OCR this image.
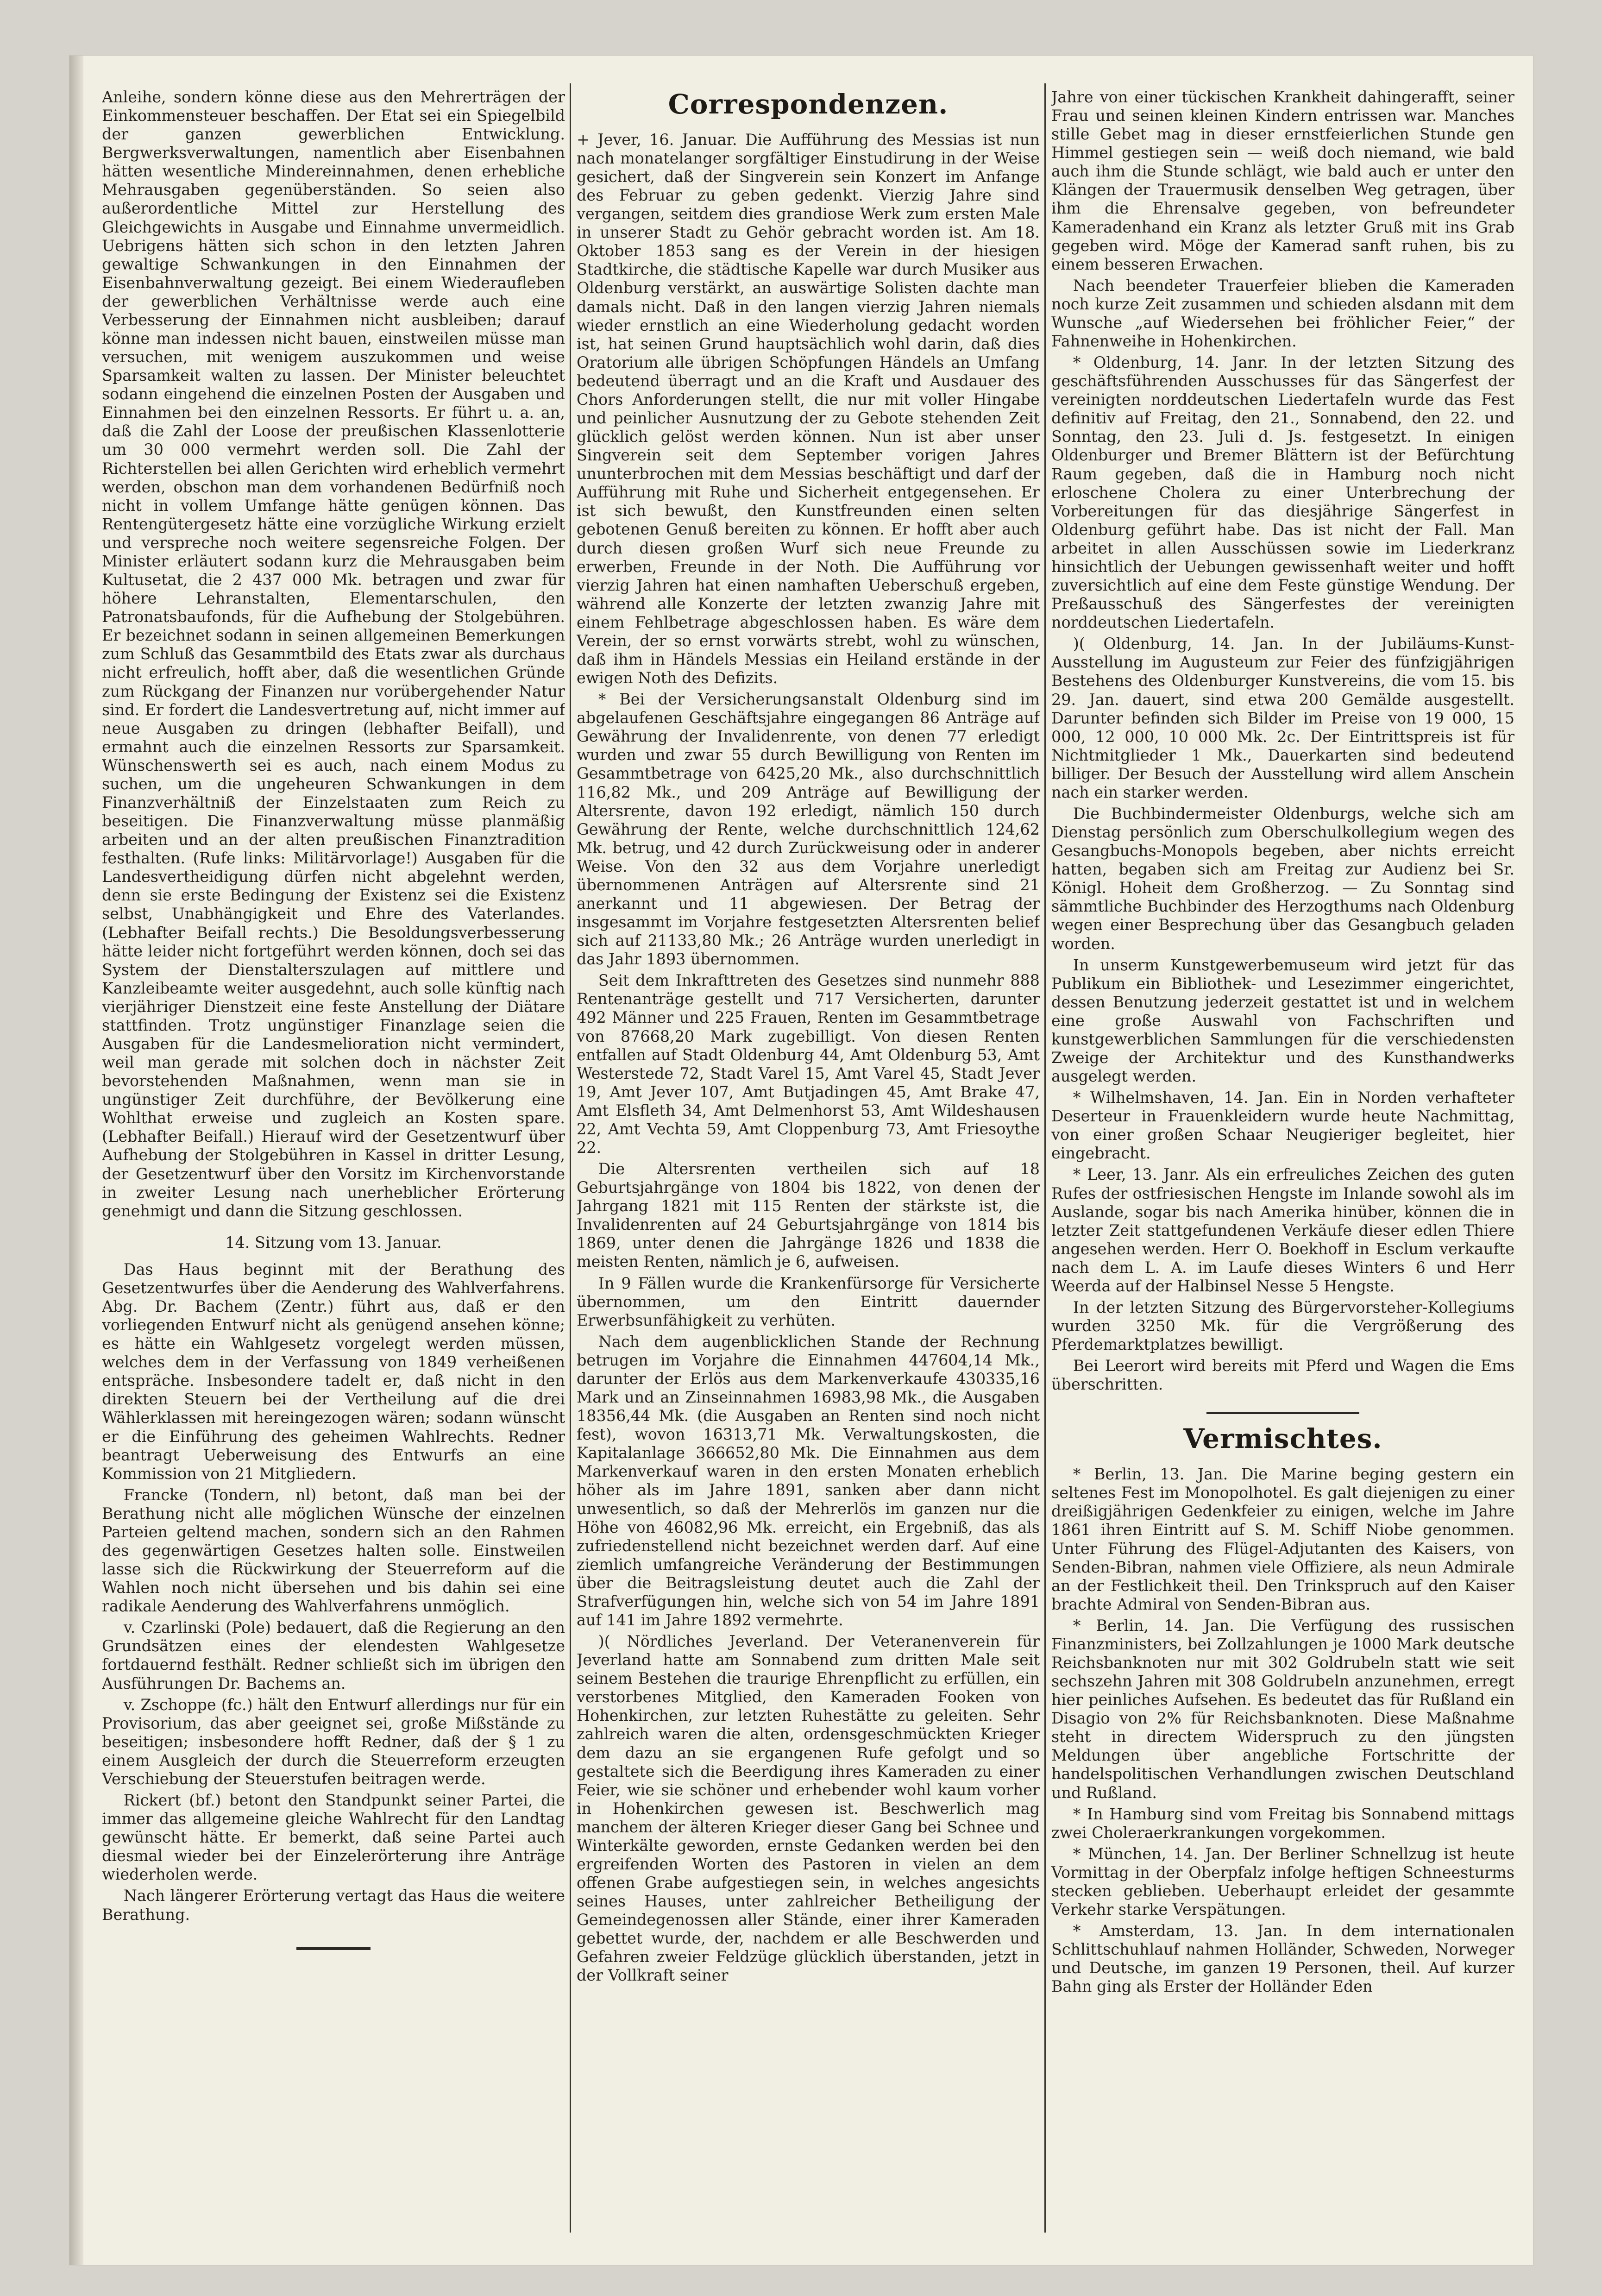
Anleihe, sondern könne diese aus den Mehrerträgen der Einkommensteuer beschaffen. Der Etat sei ein Spiegelbild der ganzen gewerblichen Entwicklung. Bergwerksverwaltungen, namentlich aber Eisenbahnen hätten wesentliche Mindereinnahmen, denen erhebliche Mehrausgaben gegenüberständen. So seien also außerordentliche Mittel zur Herstellung des Gleichgewichts in Ausgabe und Einnahme unvermeidlich. Uebrigens hätten sich schon in den letzten Jahren gewaltige Schwankungen in den Einnahmen der Eisenbahnverwaltung gezeigt. Bei einem Wiederaufleben der gewerblichen Verhältnisse werde auch eine Verbesserung der Einnahmen nicht ausbleiben; darauf könne man indessen nicht bauen, einstweilen müsse man versuchen, mit wenigem auszukommen und weise Sparsamkeit walten zu lassen. Der Minister beleuchtet sodann eingehend die einzelnen Posten der Ausgaben und Einnahmen bei den einzelnen Ressorts. Er führt u. a. an, daß die Zahl der Loose der preußischen Klassenlotterie um 30 000 vermehrt werden soll. Die Zahl der Richterstellen bei allen Gerichten wird erheblich vermehrt werden, obschon man dem vorhandenen Bedürfniß noch nicht in vollem Umfange hätte genügen können. Das Rentengütergesetz hätte eine vorzügliche Wirkung erzielt und verspreche noch weitere segensreiche Folgen. Der Minister erläutert sodann kurz die Mehrausgaben beim Kultusetat, die 2 437 000 Mk. betragen und zwar für höhere Lehranstalten, Elementarschulen, den Patronatsbaufonds, für die Aufhebung der Stolgebühren. Er bezeichnet sodann in seinen allgemeinen Bemerkungen zum Schluß das Gesammtbild des Etats zwar als durchaus nicht erfreulich, hofft aber, daß die wesentlichen Gründe zum Rückgang der Finanzen nur vorübergehender Natur sind. Er fordert die Landesvertretung auf, nicht immer auf neue Ausgaben zu dringen (lebhafter Beifall), und ermahnt auch die einzelnen Ressorts zur Sparsamkeit. Wünschenswerth sei es auch, nach einem Modus zu suchen, um die ungeheuren Schwankungen in dem Finanzverhältniß der Einzelstaaten zum Reich zu beseitigen. Die Finanzverwaltung müsse planmäßig arbeiten und an der alten preußischen Finanztradition festhalten. (Rufe links: Militärvorlage!) Ausgaben für die Landesvertheidigung dürfen nicht abgelehnt werden, denn sie erste Bedingung der Existenz sei die Existenz selbst, Unabhängigkeit und Ehre des Vaterlandes. (Lebhafter Beifall rechts.) Die Besoldungsverbesserung hätte leider nicht fortgeführt werden können, doch sei das System der Dienstalterszulagen auf mittlere und Kanzleibeamte weiter ausgedehnt, auch solle künftig nach vierjähriger Dienstzeit eine feste Anstellung der Diätare stattfinden. Trotz ungünstiger Finanzlage seien die Ausgaben für die Landesmelioration nicht vermindert, weil man gerade mit solchen doch in nächster Zeit bevorstehenden Maßnahmen, wenn man sie in ungünstiger Zeit durchführe, der Bevölkerung eine Wohlthat erweise und zugleich an Kosten spare. (Lebhafter Beifall.) Hierauf wird der Gesetzentwurf über Aufhebung der Stolgebühren in Kassel in dritter Lesung, der Gesetzentwurf über den Vorsitz im Kirchenvorstande in zweiter Lesung nach unerheblicher Erörterung genehmigt und dann die Sitzung geschlossen.

14. Sitzung vom 13. Januar.

Das Haus beginnt mit der Berathung des Gesetzentwurfes über die Aenderung des Wahlverfahrens. Abg. Dr. Bachem (Zentr.) führt aus, daß er den vorliegenden Entwurf nicht als genügend ansehen könne; es hätte ein Wahlgesetz vorgelegt werden müssen, welches dem in der Verfassung von 1849 verheißenen entspräche. Insbesondere tadelt er, daß nicht in den direkten Steuern bei der Vertheilung auf die drei Wählerklassen mit hereingezogen wären; sodann wünscht er die Einführung des geheimen Wahlrechts. Redner beantragt Ueberweisung des Entwurfs an eine Kommission von 21 Mitgliedern.

Francke (Tondern, nl) betont, daß man bei der Berathung nicht alle möglichen Wünsche der einzelnen Parteien geltend machen, sondern sich an den Rahmen des gegenwärtigen Gesetzes halten solle. Einstweilen lasse sich die Rückwirkung der Steuerreform auf die Wahlen noch nicht übersehen und bis dahin sei eine radikale Aenderung des Wahlverfahrens unmöglich.

v. Czarlinski (Pole) bedauert, daß die Regierung an den Grundsätzen eines der elendesten Wahlgesetze fortdauernd festhält. Redner schließt sich im übrigen den Ausführungen Dr. Bachems an.

v. Zschoppe (fc.) hält den Entwurf allerdings nur für ein Provisorium, das aber geeignet sei, große Mißstände zu beseitigen; insbesondere hofft Redner, daß der § 1 zu einem Ausgleich der durch die Steuerreform erzeugten Verschiebung der Steuerstufen beitragen werde.

Rickert (bf.) betont den Standpunkt seiner Partei, die immer das allgemeine gleiche Wahlrecht für den Landtag gewünscht hätte. Er bemerkt, daß seine Partei auch diesmal wieder bei der Einzelerörterung ihre Anträge wiederholen werde.

Nach längerer Erörterung vertagt das Haus die weitere Berathung.

Correspondenzen.

+ Jever, 16. Januar. Die Aufführung des Messias ist nun nach monatelanger sorgfältiger Einstudirung in der Weise gesichert, daß der Singverein sein Konzert im Anfange des Februar zu geben gedenkt. Vierzig Jahre sind vergangen, seitdem dies grandiose Werk zum ersten Male in unserer Stadt zu Gehör gebracht worden ist. Am 18. Oktober 1853 sang es der Verein in der hiesigen Stadtkirche, die städtische Kapelle war durch Musiker aus Oldenburg verstärkt, an auswärtige Solisten dachte man damals nicht. Daß in den langen vierzig Jahren niemals wieder ernstlich an eine Wiederholung gedacht worden ist, hat seinen Grund hauptsächlich wohl darin, daß dies Oratorium alle übrigen Schöpfungen Händels an Umfang bedeutend überragt und an die Kraft und Ausdauer des Chors Anforderungen stellt, die nur mit voller Hingabe und peinlicher Ausnutzung der zu Gebote stehenden Zeit glücklich gelöst werden können. Nun ist aber unser Singverein seit dem September vorigen Jahres ununterbrochen mit dem Messias beschäftigt und darf der Aufführung mit Ruhe und Sicherheit entgegensehen. Er ist sich bewußt, den Kunstfreunden einen selten gebotenen Genuß bereiten zu können. Er hofft aber auch durch diesen großen Wurf sich neue Freunde zu erwerben, Freunde in der Noth. Die Aufführung vor vierzig Jahren hat einen namhaften Ueberschuß ergeben, während alle Konzerte der letzten zwanzig Jahre mit einem Fehlbetrage abgeschlossen haben. Es wäre dem Verein, der so ernst vorwärts strebt, wohl zu wünschen, daß ihm in Händels Messias ein Heiland erstände in der ewigen Noth des Defizits.

* Bei der Versicherungsanstalt Oldenburg sind im abgelaufenen Geschäftsjahre eingegangen 86 Anträge auf Gewährung der Invalidenrente, von denen 77 erledigt wurden und zwar 55 durch Bewilligung von Renten im Gesammtbetrage von 6425,20 Mk., also durchschnittlich 116,82 Mk., und 209 Anträge auf Bewilligung der Altersrente, davon 192 erledigt, nämlich 150 durch Gewährung der Rente, welche durchschnittlich 124,62 Mk. betrug, und 42 durch Zurückweisung oder in anderer Weise. Von den 32 aus dem Vorjahre unerledigt übernommenen Anträgen auf Altersrente sind 21 anerkannt und 11 abgewiesen. Der Betrag der insgesammt im Vorjahre festgesetzten Altersrenten belief sich auf 21133,80 Mk.; 26 Anträge wurden unerledigt in das Jahr 1893 übernommen.

Seit dem Inkrafttreten des Gesetzes sind nunmehr 888 Rentenanträge gestellt und 717 Versicherten, darunter 492 Männer und 225 Frauen, Renten im Gesammtbetrage von 87668,20 Mark zugebilligt. Von diesen Renten entfallen auf Stadt Oldenburg 44, Amt Oldenburg 53, Amt Westerstede 72, Stadt Varel 15, Amt Varel 45, Stadt Jever 19, Amt Jever 107, Amt Butjadingen 45, Amt Brake 47, Amt Elsfleth 34, Amt Delmenhorst 53, Amt Wildeshausen 22, Amt Vechta 59, Amt Cloppenburg 73, Amt Friesoythe 22.

Die Altersrenten vertheilen sich auf 18 Geburtsjahrgänge von 1804 bis 1822, von denen der Jahrgang 1821 mit 115 Renten der stärkste ist, die Invalidenrenten auf 24 Geburtsjahrgänge von 1814 bis 1869, unter denen die Jahrgänge 1826 und 1838 die meisten Renten, nämlich je 6, aufweisen.

In 9 Fällen wurde die Krankenfürsorge für Versicherte übernommen, um den Eintritt dauernder Erwerbsunfähigkeit zu verhüten.

Nach dem augenblicklichen Stande der Rechnung betrugen im Vorjahre die Einnahmen 447604,14 Mk., darunter der Erlös aus dem Markenverkaufe 430335,16 Mark und an Zinseinnahmen 16983,98 Mk., die Ausgaben 18356,44 Mk. (die Ausgaben an Renten sind noch nicht fest), wovon 16313,71 Mk. Verwaltungskosten, die Kapitalanlage 366652,80 Mk. Die Einnahmen aus dem Markenverkauf waren in den ersten Monaten erheblich höher als im Jahre 1891, sanken aber dann nicht unwesentlich, so daß der Mehrerlös im ganzen nur die Höhe von 46082,96 Mk. erreicht, ein Ergebniß, das als zufriedenstellend nicht bezeichnet werden darf. Auf eine ziemlich umfangreiche Veränderung der Bestimmungen über die Beitragsleistung deutet auch die Zahl der Strafverfügungen hin, welche sich von 54 im Jahre 1891 auf 141 im Jahre 1892 vermehrte.

)( Nördliches Jeverland. Der Veteranenverein für Jeverland hatte am Sonnabend zum dritten Male seit seinem Bestehen die traurige Ehrenpflicht zu erfüllen, ein verstorbenes Mitglied, den Kameraden Fooken von Hohenkirchen, zur letzten Ruhestätte zu geleiten. Sehr zahlreich waren die alten, ordensgeschmückten Krieger dem dazu an sie ergangenen Rufe gefolgt und so gestaltete sich die Beerdigung ihres Kameraden zu einer Feier, wie sie schöner und erhebender wohl kaum vorher in Hohenkirchen gewesen ist. Beschwerlich mag manchem der älteren Krieger dieser Gang bei Schnee und Winterkälte geworden, ernste Gedanken werden bei den ergreifenden Worten des Pastoren in vielen an dem offenen Grabe aufgestiegen sein, in welches angesichts seines Hauses, unter zahlreicher Betheiligung der Gemeindegenossen aller Stände, einer ihrer Kameraden gebettet wurde, der, nachdem er alle Beschwerden und Gefahren zweier Feldzüge glücklich überstanden, jetzt in der Vollkraft seiner

Jahre von einer tückischen Krankheit dahingerafft, seiner Frau und seinen kleinen Kindern entrissen war. Manches stille Gebet mag in dieser ernstfeierlichen Stunde gen Himmel gestiegen sein — weiß doch niemand, wie bald auch ihm die Stunde schlägt, wie bald auch er unter den Klängen der Trauermusik denselben Weg getragen, über ihm die Ehrensalve gegeben, von befreundeter Kameradenhand ein Kranz als letzter Gruß mit ins Grab gegeben wird. Möge der Kamerad sanft ruhen, bis zu einem besseren Erwachen.

Nach beendeter Trauerfeier blieben die Kameraden noch kurze Zeit zusammen und schieden alsdann mit dem Wunsche „auf Wiedersehen bei fröhlicher Feier,“ der Fahnenweihe in Hohenkirchen.

* Oldenburg, 14. Janr. In der letzten Sitzung des geschäftsführenden Ausschusses für das Sängerfest der vereinigten norddeutschen Liedertafeln wurde das Fest definitiv auf Freitag, den 21., Sonnabend, den 22. und Sonntag, den 23. Juli d. Js. festgesetzt. In einigen Oldenburger und Bremer Blättern ist der Befürchtung Raum gegeben, daß die in Hamburg noch nicht erloschene Cholera zu einer Unterbrechung der Vorbereitungen für das diesjährige Sängerfest in Oldenburg geführt habe. Das ist nicht der Fall. Man arbeitet in allen Ausschüssen sowie im Liederkranz hinsichtlich der Uebungen gewissenhaft weiter und hofft zuversichtlich auf eine dem Feste günstige Wendung. Der Preßausschuß des Sängerfestes der vereinigten norddeutschen Liedertafeln.

)( Oldenburg, 14. Jan. In der Jubiläums-Kunst-Ausstellung im Augusteum zur Feier des fünfzigjährigen Bestehens des Oldenburger Kunstvereins, die vom 15. bis 29. Jan. dauert, sind etwa 200 Gemälde ausgestellt. Darunter befinden sich Bilder im Preise von 19 000, 15 000, 12 000, 10 000 Mk. 2c. Der Eintrittspreis ist für Nichtmitglieder 1 Mk., Dauerkarten sind bedeutend billiger. Der Besuch der Ausstellung wird allem Anschein nach ein starker werden.

Die Buchbindermeister Oldenburgs, welche sich am Dienstag persönlich zum Oberschulkollegium wegen des Gesangbuchs-Monopols begeben, aber nichts erreicht hatten, begaben sich am Freitag zur Audienz bei Sr. Königl. Hoheit dem Großherzog. — Zu Sonntag sind sämmtliche Buchbinder des Herzogthums nach Oldenburg wegen einer Besprechung über das Gesangbuch geladen worden.

In unserm Kunstgewerbemuseum wird jetzt für das Publikum ein Bibliothek- und Lesezimmer eingerichtet, dessen Benutzung jederzeit gestattet ist und in welchem eine große Auswahl von Fachschriften und kunstgewerblichen Sammlungen für die verschiedensten Zweige der Architektur und des Kunsthandwerks ausgelegt werden.

* Wilhelmshaven, 14. Jan. Ein in Norden verhafteter Deserteur in Frauenkleidern wurde heute Nachmittag, von einer großen Schaar Neugieriger begleitet, hier eingebracht.

* Leer, 13. Janr. Als ein erfreuliches Zeichen des guten Rufes der ostfriesischen Hengste im Inlande sowohl als im Auslande, sogar bis nach Amerika hinüber, können die in letzter Zeit stattgefundenen Verkäufe dieser edlen Thiere angesehen werden. Herr O. Boekhoff in Esclum verkaufte nach dem L. A. im Laufe dieses Winters 6 und Herr Weerda auf der Halbinsel Nesse 5 Hengste.

In der letzten Sitzung des Bürgervorsteher-Kollegiums wurden 3250 Mk. für die Vergrößerung des Pferdemarktplatzes bewilligt.

Bei Leerort wird bereits mit Pferd und Wagen die Ems überschritten.

Vermischtes.

* Berlin, 13. Jan. Die Marine beging gestern ein seltenes Fest im Monopolhotel. Es galt diejenigen zu einer dreißigjährigen Gedenkfeier zu einigen, welche im Jahre 1861 ihren Eintritt auf S. M. Schiff Niobe genommen. Unter Führung des Flügel-Adjutanten des Kaisers, von Senden-Bibran, nahmen viele Offiziere, als neun Admirale an der Festlichkeit theil. Den Trinkspruch auf den Kaiser brachte Admiral von Senden-Bibran aus.

* Berlin, 14. Jan. Die Verfügung des russischen Finanzministers, bei Zollzahlungen je 1000 Mark deutsche Reichsbanknoten nur mit 302 Goldrubeln statt wie seit sechszehn Jahren mit 308 Goldrubeln anzunehmen, erregt hier peinliches Aufsehen. Es bedeutet das für Rußland ein Disagio von 2% für Reichsbanknoten. Diese Maßnahme steht in directem Widerspruch zu den jüngsten Meldungen über angebliche Fortschritte der handelspolitischen Verhandlungen zwischen Deutschland und Rußland.

* In Hamburg sind vom Freitag bis Sonnabend mittags zwei Choleraerkrankungen vorgekommen.

* München, 14. Jan. Der Berliner Schnellzug ist heute Vormittag in der Oberpfalz infolge heftigen Schneesturms stecken geblieben. Ueberhaupt erleidet der gesammte Verkehr starke Verspätungen.

* Amsterdam, 13. Jan. In dem internationalen Schlittschuhlauf nahmen Holländer, Schweden, Norweger und Deutsche, im ganzen 19 Personen, theil. Auf kurzer Bahn ging als Erster der Holländer Eden
